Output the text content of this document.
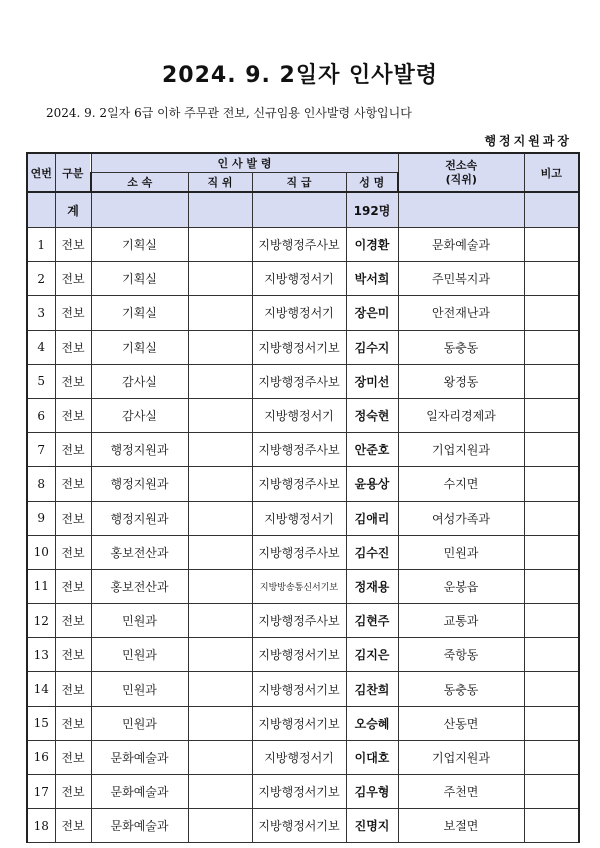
2024. 9. 2일자 인사발령
2024. 9. 2일자 6급 이하 주무관 전보, 신규임용 인사발령 사항입니다
행정지원과장
연번	구분	인 사 발 령				전소속
(직위)	비고
		소 속	직 위	직 급	성 명		
	계				192명		
1	전보	기획실		지방행정주사보	이경환	문화예술과	
2	전보	기획실		지방행정서기	박서희	주민복지과	
3	전보	기획실		지방행정서기	장은미	안전재난과	
4	전보	기획실		지방행정서기보	김수지	동충동	
5	전보	감사실		지방행정주사보	장미선	왕정동	
6	전보	감사실		지방행정서기	정숙현	일자리경제과	
7	전보	행정지원과		지방행정주사보	안준호	기업지원과	
8	전보	행정지원과		지방행정주사보	윤용상	수지면	
9	전보	행정지원과		지방행정서기	김애리	여성가족과	
10	전보	홍보전산과		지방행정주사보	김수진	민원과	
11	전보	홍보전산과		지방방송통신서기보	정재용	운봉읍	
12	전보	민원과		지방행정주사보	김현주	교통과	
13	전보	민원과		지방행정서기보	김지은	죽항동	
14	전보	민원과		지방행정서기보	김찬희	동충동	
15	전보	민원과		지방행정서기보	오승혜	산동면	
16	전보	문화예술과		지방행정서기	이대호	기업지원과	
17	전보	문화예술과		지방행정서기보	김우형	주천면	
18	전보	문화예술과		지방행정서기보	진명지	보절면	
